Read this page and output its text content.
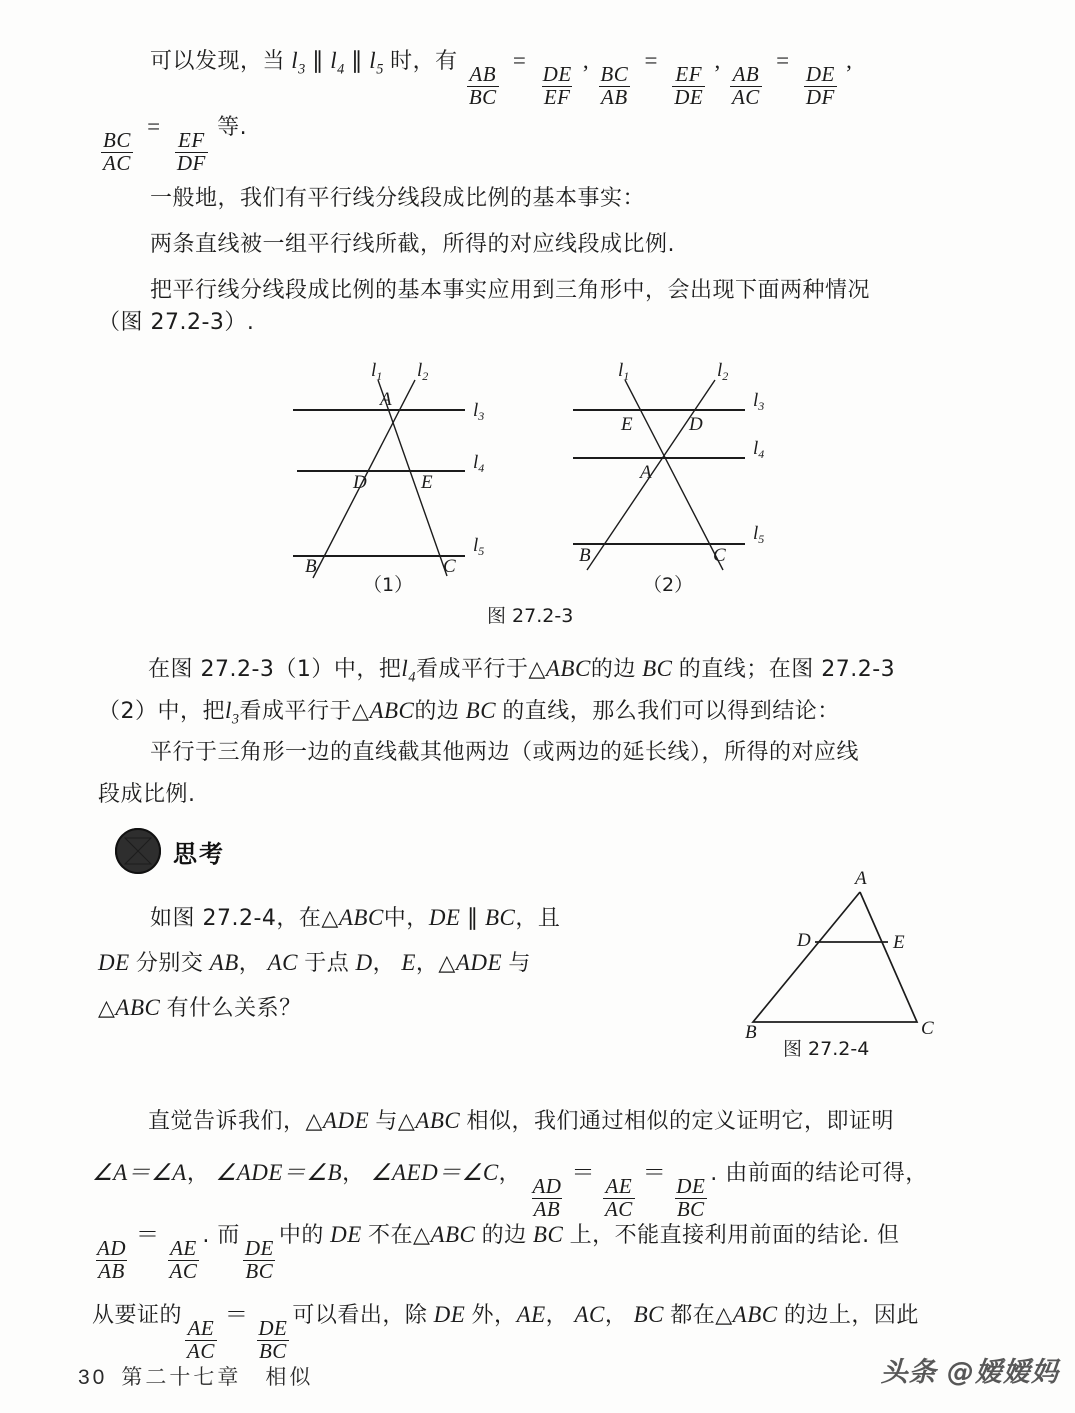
可以发现，当 $l_3$ ∥ $l_4$ ∥ $l_5$ 时，有
$\frac{AB}{BC}$
=
$\frac{DE}{EF}$
,
$\frac{BC}{AB}$
=
$\frac{EF}{DE}$
,
$\frac{AB}{AC}$
=
$\frac{DE}{DF}$
,
$\frac{BC}{AC}$
=
$\frac{EF}{DF}$
等.
一般地，我们有平行线分线段成比例的基本事实：
两条直线被一组平行线所截，所得的对应线段成比例.
把平行线分线段成比例的基本事实应用到三角形中，会出现下面两种情况
（图 27.2-3）.
$l_1$ $l_2$
$l_3$
$l_4$
$l_5$
A
D	E
B	C
（1）
$l_1$	$l_2$
$l_3$
$l_4$
$l_5$
E	D
A
B	C
（2）
图 27.2-3
在图 27.2-3（1）中，把$l_4$看成平行于△ABC的边 BC 的直线；在图 27.2-3
（2）中，把$l_3$看成平行于△ABC的边 BC 的直线，那么我们可以得到结论：
平行于三角形一边的直线截其他两边（或两边的延长线），所得的对应线
段成比例.
思考
如图 27.2-4，在△ABC中，DE ∥ BC，且
DE 分别交 AB， AC 于点 D， E，△ADE 与
△ABC 有什么关系？
A
D	E
B	C
图 27.2-4
直觉告诉我们，△ADE 与△ABC 相似，我们通过相似的定义证明它，即证明
∠A＝∠A， ∠ADE＝∠B， ∠AED＝∠C，
$\frac{AD}{AB}$
＝
$\frac{AE}{AC}$
＝
$\frac{DE}{BC}$
. 由前面的结论可得，
$\frac{AD}{AB}$
＝
$\frac{AE}{AC}$
. 而
$\frac{DE}{BC}$
中的 DE 不在△ABC 的边 BC 上，不能直接利用前面的结论. 但
从要证的
$\frac{AE}{AC}$
＝
$\frac{DE}{BC}$
可以看出，除 DE 外，AE， AC， BC 都在△ABC 的边上，因此
30 第二十七章　相似	头条 @嫒嫒妈
